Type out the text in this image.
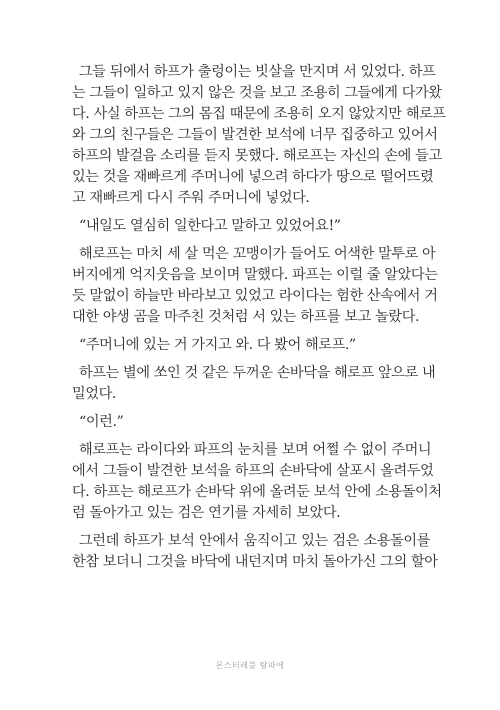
그들 뒤에서 하프가 출렁이는 빗살을 만지며 서 있었다. 하프
는 그들이 일하고 있지 않은 것을 보고 조용히 그들에게 다가왔
다. 사실 하프는 그의 몸집 때문에 조용히 오지 않았지만 해로프
와 그의 친구들은 그들이 발견한 보석에 너무 집중하고 있어서
하프의 발걸음 소리를 듣지 못했다. 해로프는 자신의 손에 들고
있는 것을 재빠르게 주머니에 넣으려 하다가 땅으로 떨어뜨렸
고 재빠르게 다시 주워 주머니에 넣었다.
“내일도 열심히 일한다고 말하고 있었어요!”
해로프는 마치 세 살 먹은 꼬맹이가 들어도 어색한 말투로 아
버지에게 억지웃음을 보이며 말했다. 파프는 이럴 줄 알았다는
듯 말없이 하늘만 바라보고 있었고 라이다는 험한 산속에서 거
대한 야생 곰을 마주친 것처럼 서 있는 하프를 보고 놀랐다.
“주머니에 있는 거 가지고 와. 다 봤어 해로프.”
하프는 별에 쏘인 것 같은 두꺼운 손바닥을 해로프 앞으로 내
밀었다.
“이런.”
해로프는 라이다와 파프의 눈치를 보며 어쩔 수 없이 주머니
에서 그들이 발견한 보석을 하프의 손바닥에 살포시 올려두었
다. 하프는 해로프가 손바닥 위에 올려둔 보석 안에 소용돌이처
럼 돌아가고 있는 검은 연기를 자세히 보았다.
그런데 하프가 보석 안에서 움직이고 있는 검은 소용돌이를
한참 보더니 그것을 바닥에 내던지며 마치 돌아가신 그의 할아
몬스터레블 탐파에
